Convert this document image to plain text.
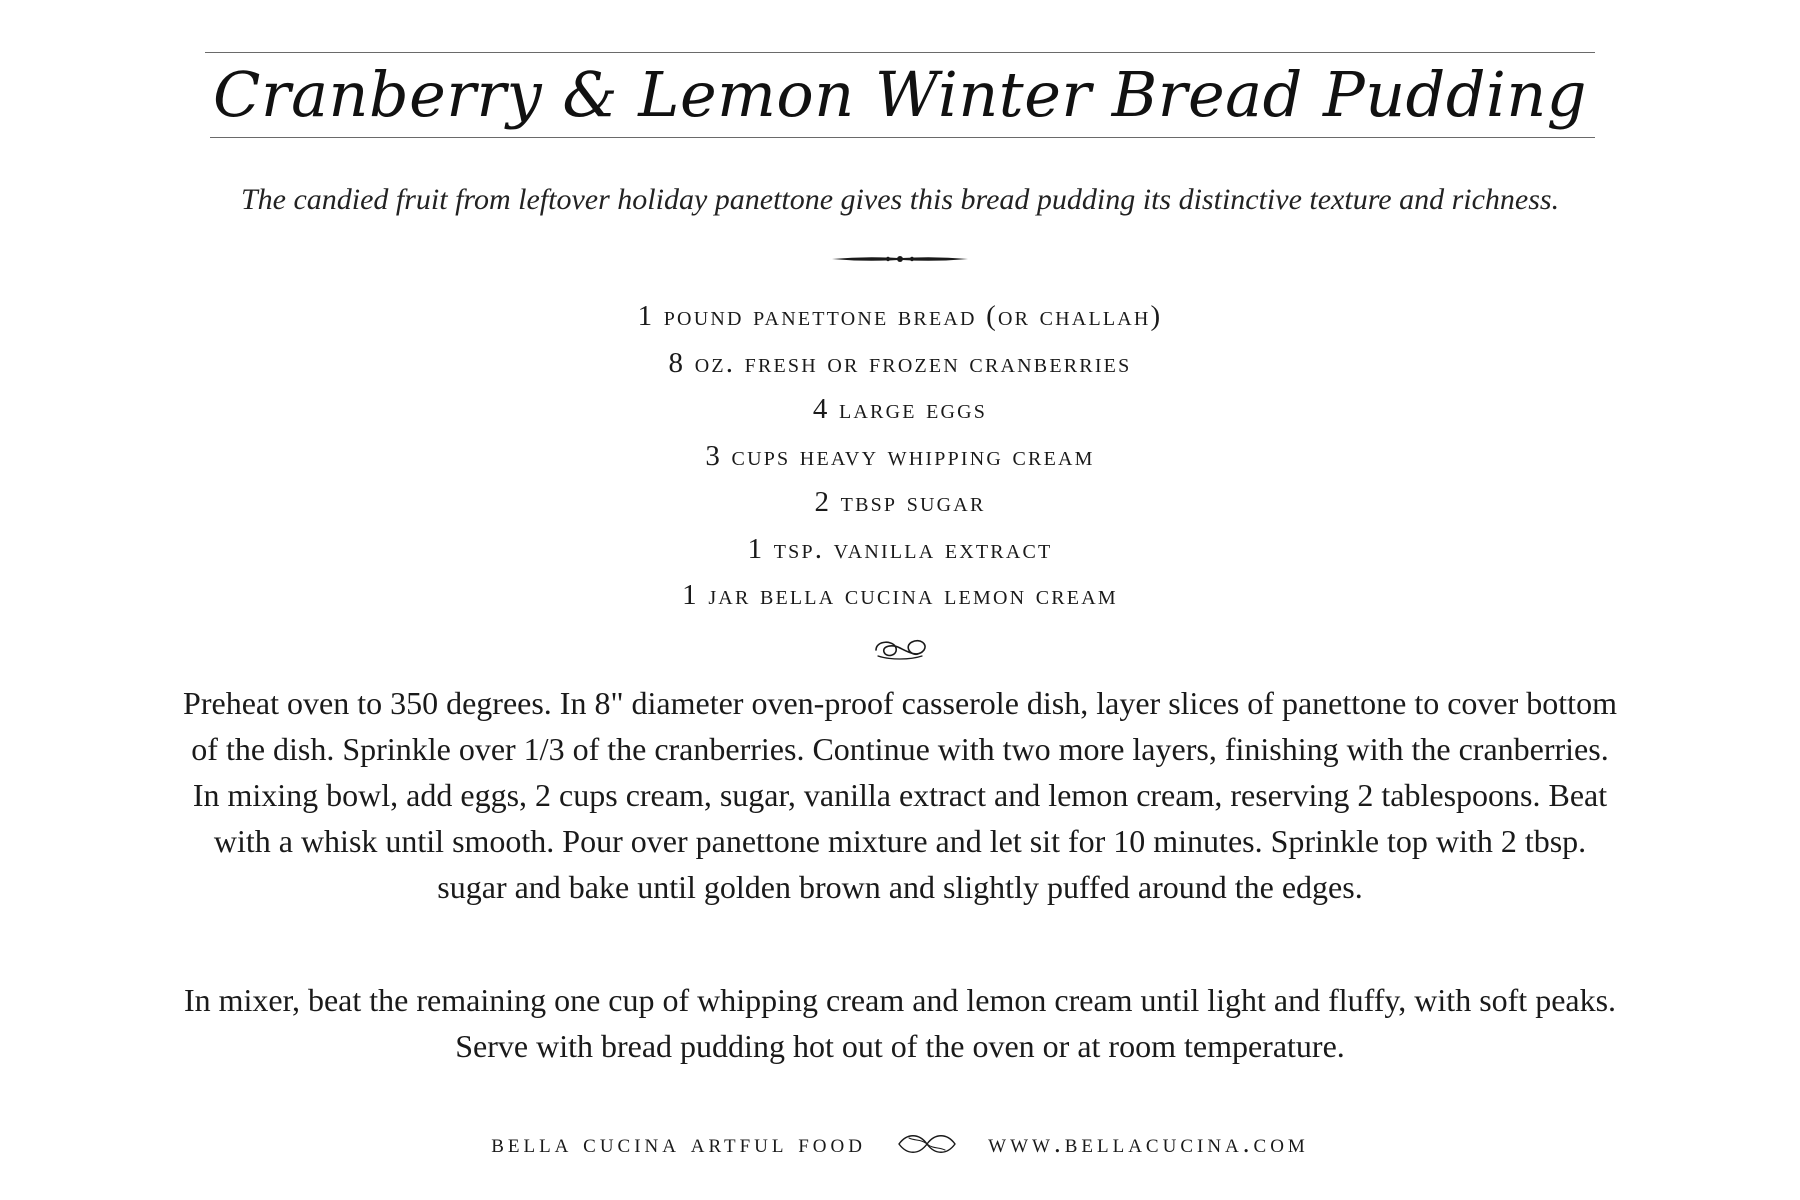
Cranberry & Lemon Winter Bread Pudding
The candied fruit from leftover holiday panettone gives this bread pudding its distinctive texture and richness.
1 pound panettone bread (or challah)
8 oz. fresh or frozen cranberries
4 large eggs
3 cups heavy whipping cream
2 tbsp sugar
1 tsp. vanilla extract
1 jar bella cucina lemon cream

Preheat oven to 350 degrees. In 8" diameter oven-proof casserole dish, layer slices of panettone to cover bottom of the dish. Sprinkle over 1/3 of the cranberries. Continue with two more layers, finishing with the cranberries. In mixing bowl, add eggs, 2 cups cream, sugar, vanilla extract and lemon cream, reserving 2 tablespoons. Beat with a whisk until smooth. Pour over panettone mixture and let sit for 10 minutes. Sprinkle top with 2 tbsp. sugar and bake until golden brown and slightly puffed around the edges.

In mixer, beat the remaining one cup of whipping cream and lemon cream until light and fluffy, with soft peaks. Serve with bread pudding hot out of the oven or at room temperature.

bella cucina artful food	www.bellacucina.com
